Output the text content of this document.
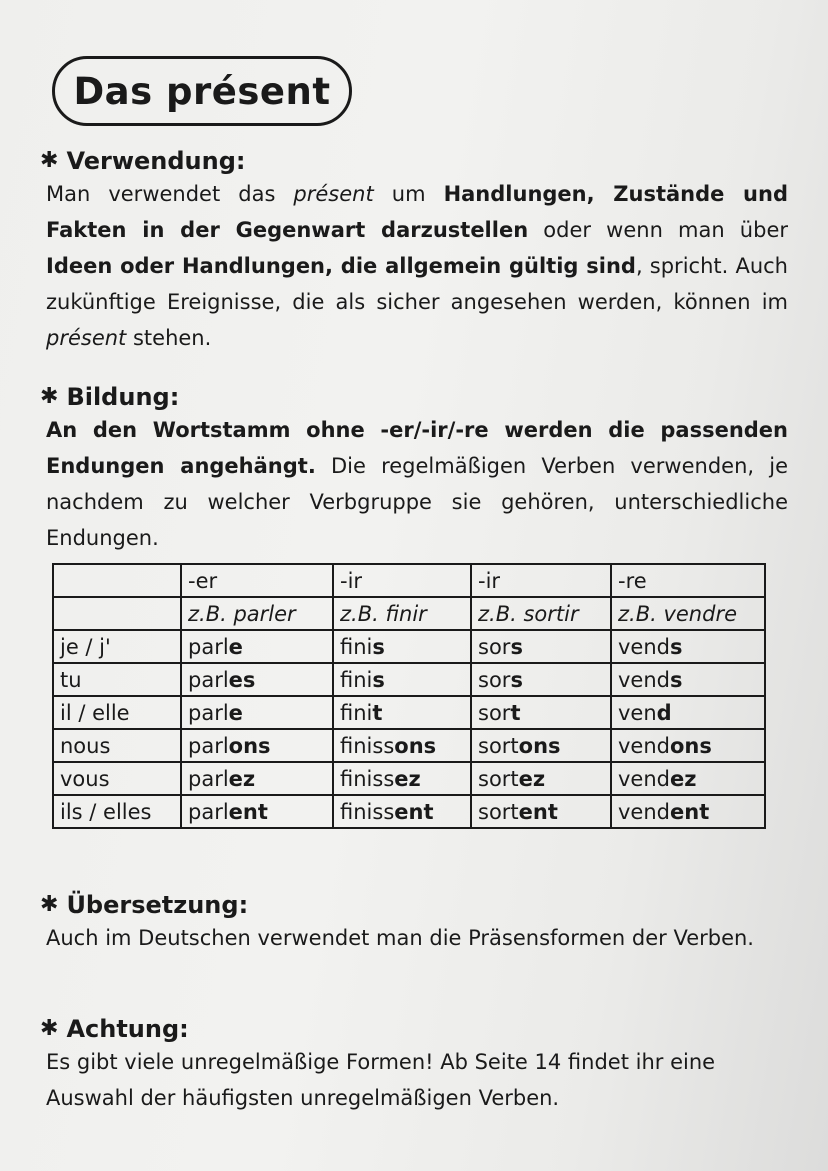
Das présent
✱ Verwendung:
Man verwendet das présent um Handlungen, Zustände und Fakten in der Gegenwart darzustellen oder wenn man über Ideen oder Handlungen, die allgemein gültig sind, spricht. Auch zukünftige Ereignisse, die als sicher angesehen werden, können im présent stehen.
✱ Bildung:
An den Wortstamm ohne -er/-ir/-re werden die passenden Endungen angehängt. Die regelmäßigen Verben verwenden, je nachdem zu welcher Verbgruppe sie gehören, unterschiedliche Endungen.
	-er	-ir	-ir	-re
	z.B. parler	z.B. finir	z.B. sortir	z.B. vendre
je / j'	parle	finis	sors	vends
tu	parles	finis	sors	vends
il / elle	parle	finit	sort	vend
nous	parlons	finissons	sortons	vendons
vous	parlez	finissez	sortez	vendez
ils / elles	parlent	finissent	sortent	vendent
✱ Übersetzung:
Auch im Deutschen verwendet man die Präsensformen der Verben.
✱ Achtung:
Es gibt viele unregelmäßige Formen! Ab Seite 14 findet ihr eine Auswahl der häufigsten unregelmäßigen Verben.
